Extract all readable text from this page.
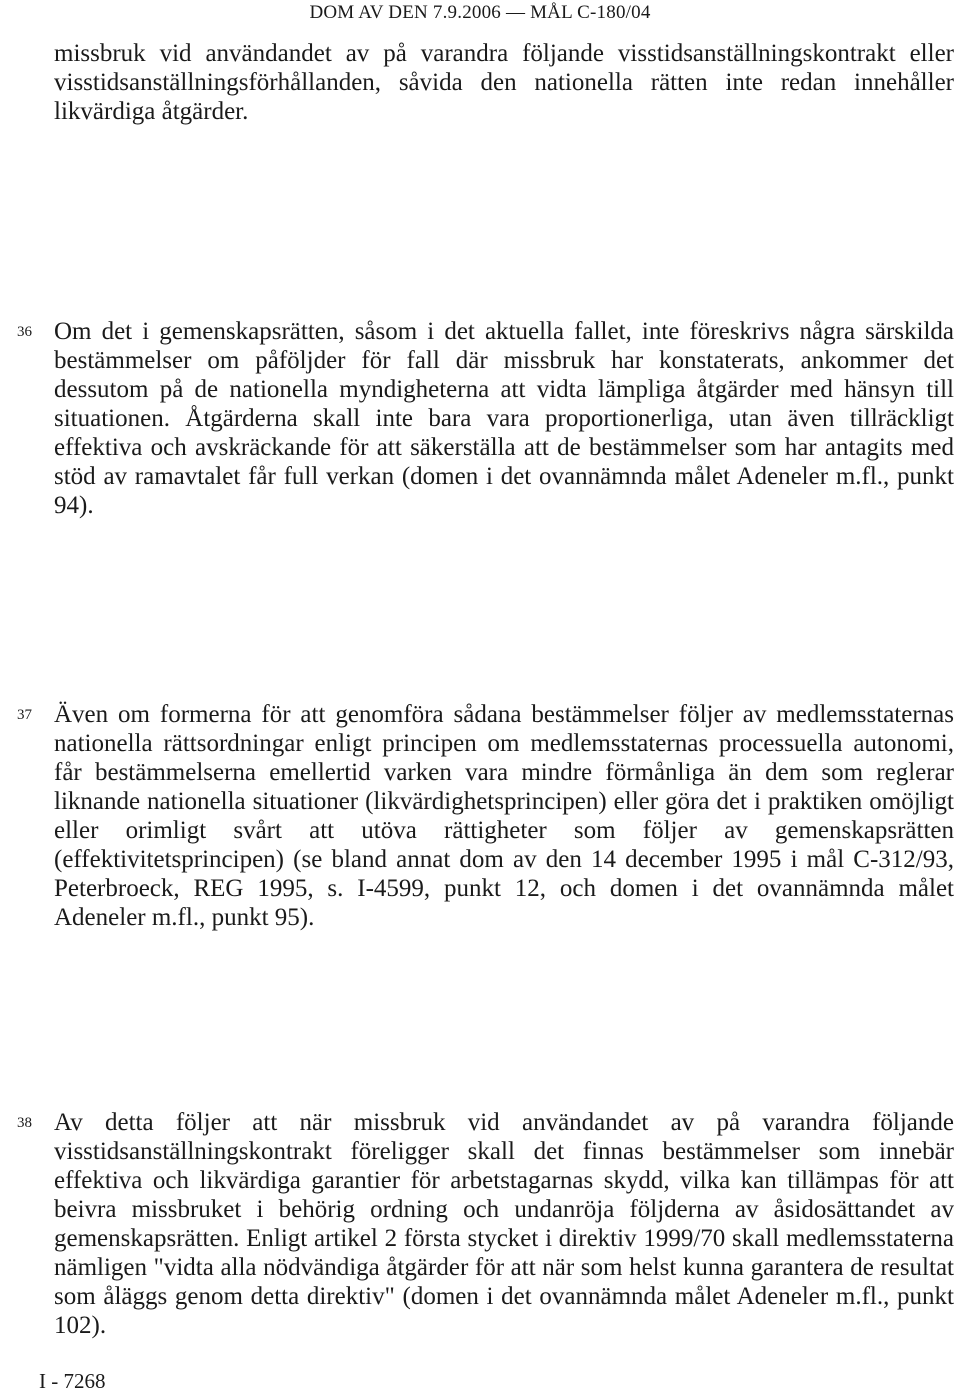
DOM AV DEN 7.9.2006 — MÅL C-180/04
missbruk vid användandet av på varandra följande visstidsanställningskontrakt eller visstidsanställningsförhållanden, såvida den nationella rätten inte redan innehåller likvärdiga åtgärder.
36 Om det i gemenskapsrätten, såsom i det aktuella fallet, inte föreskrivs några särskilda bestämmelser om påföljder för fall där missbruk har konstaterats, ankommer det dessutom på de nationella myndigheterna att vidta lämpliga åtgärder med hänsyn till situationen. Åtgärderna skall inte bara vara proportionerliga, utan även tillräckligt effektiva och avskräckande för att säkerställa att de bestämmelser som har antagits med stöd av ramavtalet får full verkan (domen i det ovannämnda målet Adeneler m.fl., punkt 94).
37 Även om formerna för att genomföra sådana bestämmelser följer av medlemsstaternas nationella rättsordningar enligt principen om medlemsstaternas processuella autonomi, får bestämmelserna emellertid varken vara mindre förmånliga än dem som reglerar liknande nationella situationer (likvärdighetsprincipen) eller göra det i praktiken omöjligt eller orimligt svårt att utöva rättigheter som följer av gemenskapsrätten (effektivitetsprincipen) (se bland annat dom av den 14 december 1995 i mål C-312/93, Peterbroeck, REG 1995, s. I-4599, punkt 12, och domen i det ovannämnda målet Adeneler m.fl., punkt 95).
38 Av detta följer att när missbruk vid användandet av på varandra följande visstidsanställningskontrakt föreligger skall det finnas bestämmelser som innebär effektiva och likvärdiga garantier för arbetstagarnas skydd, vilka kan tillämpas för att beivra missbruket i behörig ordning och undanröja följderna av åsidosättandet av gemenskapsrätten. Enligt artikel 2 första stycket i direktiv 1999/70 skall medlemsstaterna nämligen "vidta alla nödvändiga åtgärder för att när som helst kunna garantera de resultat som åläggs genom detta direktiv" (domen i det ovannämnda målet Adeneler m.fl., punkt 102).
I - 7268
